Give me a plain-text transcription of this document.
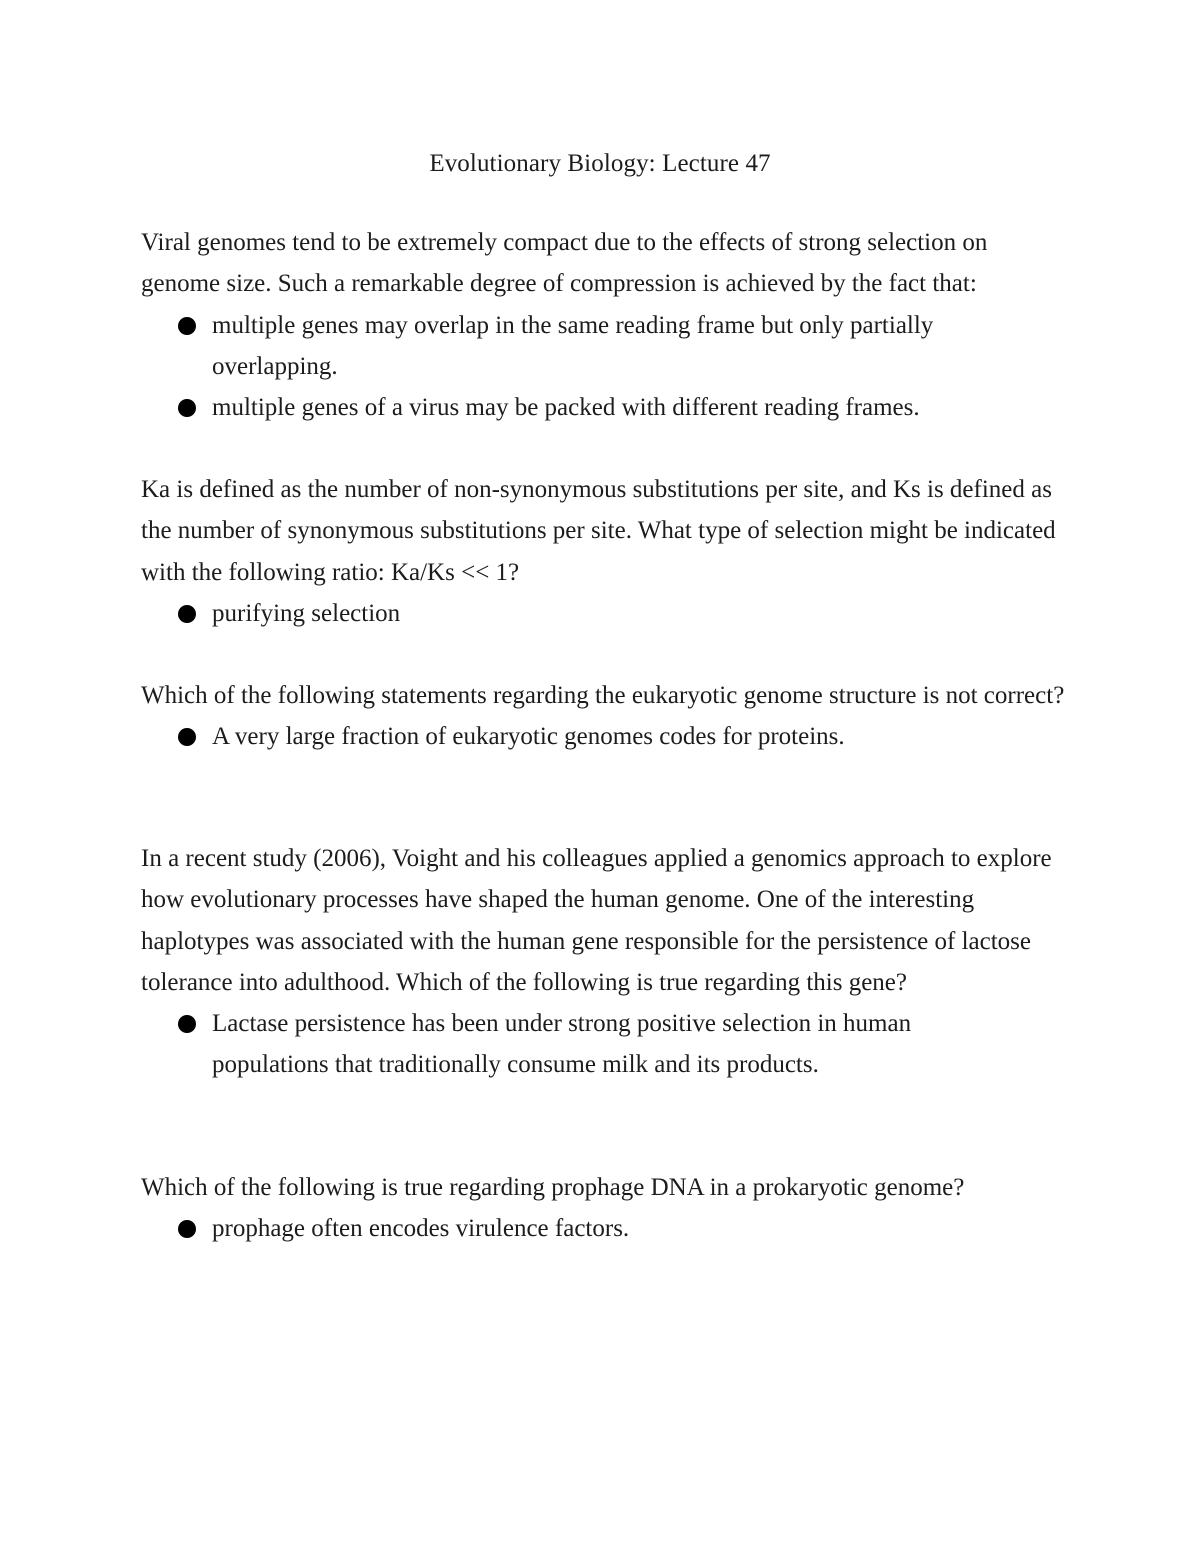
Evolutionary Biology: Lecture 47

Viral genomes tend to be extremely compact due to the effects of strong selection on genome size. Such a remarkable degree of compression is achieved by the fact that:

multiple genes may overlap in the same reading frame but only partially overlapping.
multiple genes of a virus may be packed with different reading frames.

Ka is defined as the number of non-synonymous substitutions per site, and Ks is defined as the number of synonymous substitutions per site. What type of selection might be indicated with the following ratio: Ka/Ks << 1?

purifying selection

Which of the following statements regarding the eukaryotic genome structure is not correct?

A very large fraction of eukaryotic genomes codes for proteins.

In a recent study (2006), Voight and his colleagues applied a genomics approach to explore how evolutionary processes have shaped the human genome. One of the interesting haplotypes was associated with the human gene responsible for the persistence of lactose tolerance into adulthood. Which of the following is true regarding this gene?

Lactase persistence has been under strong positive selection in human populations that traditionally consume milk and its products.

Which of the following is true regarding prophage DNA in a prokaryotic genome?

prophage often encodes virulence factors.
